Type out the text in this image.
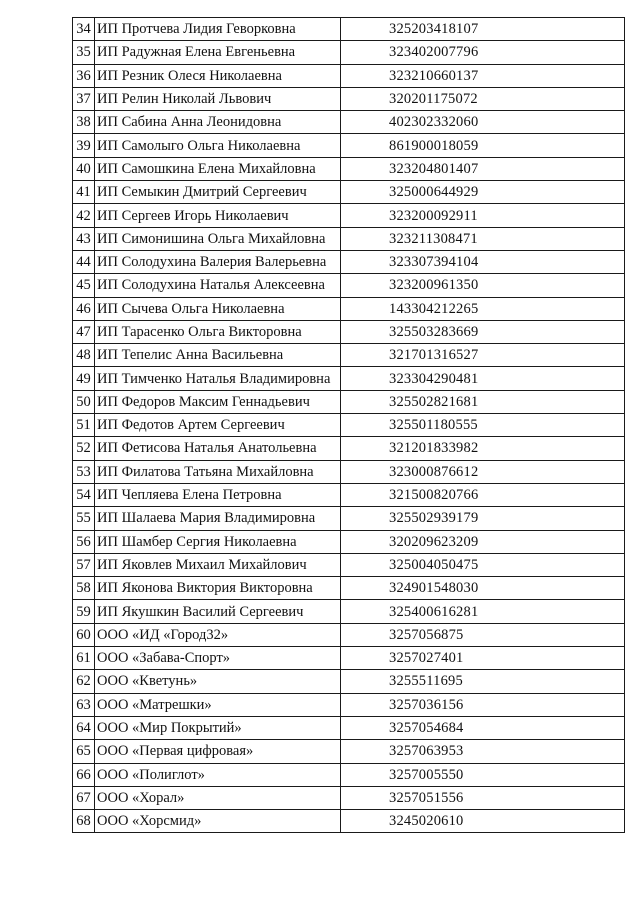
34	ИП Протчева Лидия Геворковна	325203418107
35	ИП Радужная Елена Евгеньевна	323402007796
36	ИП Резник Олеся Николаевна	323210660137
37	ИП Релин Николай Львович	320201175072
38	ИП Сабина Анна Леонидовна	402302332060
39	ИП Самолыго Ольга Николаевна	861900018059
40	ИП Самошкина Елена Михайловна	323204801407
41	ИП Семыкин Дмитрий Сергеевич	325000644929
42	ИП Сергеев Игорь Николаевич	323200092911
43	ИП Симонишина Ольга Михайловна	323211308471
44	ИП Солодухина Валерия Валерьевна	323307394104
45	ИП Солодухина Наталья Алексеевна	323200961350
46	ИП Сычева Ольга Николаевна	143304212265
47	ИП Тарасенко Ольга Викторовна	325503283669
48	ИП Тепелис Анна Васильевна	321701316527
49	ИП Тимченко Наталья Владимировна	323304290481
50	ИП Федоров Максим Геннадьевич	325502821681
51	ИП Федотов Артем Сергеевич	325501180555
52	ИП Фетисова Наталья Анатольевна	321201833982
53	ИП Филатова Татьяна Михайловна	323000876612
54	ИП Чепляева Елена Петровна	321500820766
55	ИП Шалаева Мария Владимировна	325502939179
56	ИП Шамбер Сергия Николаевна	320209623209
57	ИП Яковлев Михаил Михайлович	325004050475
58	ИП Яконова Виктория Викторовна	324901548030
59	ИП Якушкин Василий Сергеевич	325400616281
60	ООО «ИД «Город32»	3257056875
61	ООО «Забава-Спорт»	3257027401
62	ООО «Кветунь»	3255511695
63	ООО «Матрешки»	3257036156
64	ООО «Мир Покрытий»	3257054684
65	ООО «Первая цифровая»	3257063953
66	ООО «Полиглот»	3257005550
67	ООО «Хорал»	3257051556
68	ООО «Хорсмид»	3245020610
